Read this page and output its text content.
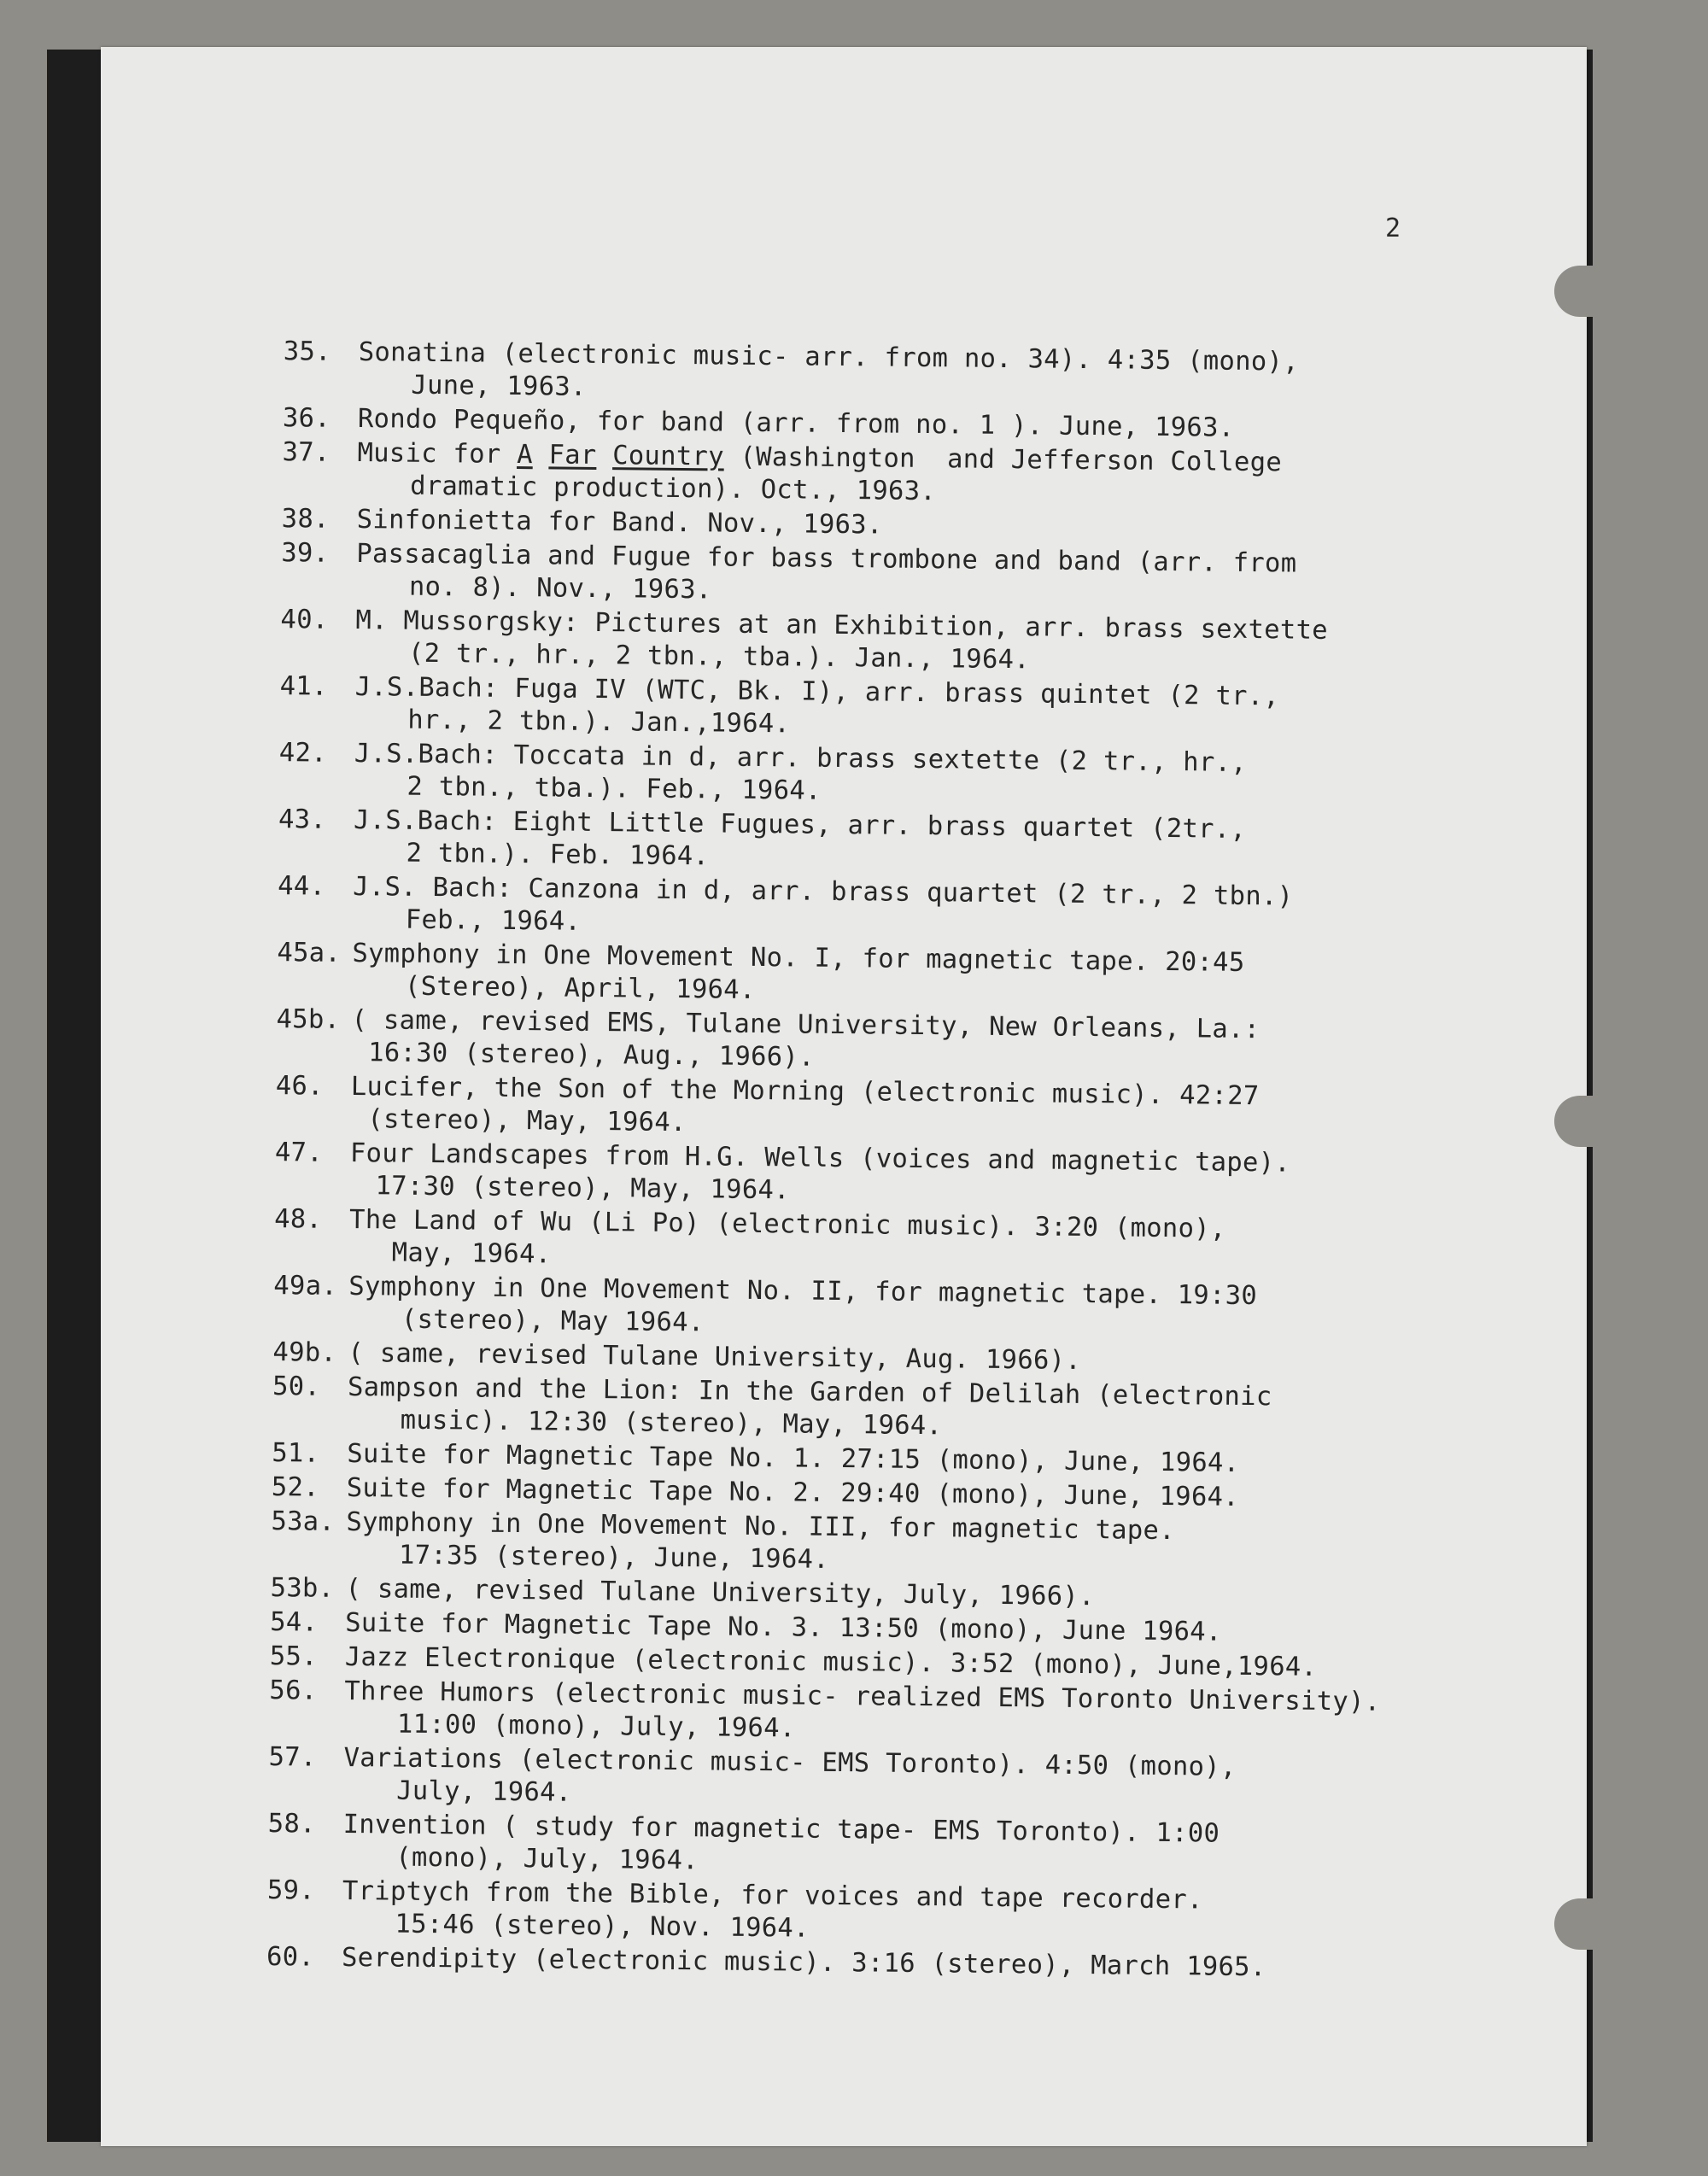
2
35. Sonatina (electronic music- arr. from no. 34). 4:35 (mono),
June, 1963.
36. Rondo Pequeño, for band (arr. from no. 1 ). June, 1963.
37. Music for A Far Country (Washington  and Jefferson College
dramatic production). Oct., 1963.
38. Sinfonietta for Band. Nov., 1963.
39. Passacaglia and Fugue for bass trombone and band (arr. from
no. 8). Nov., 1963.
40. M. Mussorgsky: Pictures at an Exhibition, arr. brass sextette
(2 tr., hr., 2 tbn., tba.). Jan., 1964.
41. J.S.Bach: Fuga IV (WTC, Bk. I), arr. brass quintet (2 tr.,
hr., 2 tbn.). Jan.,1964.
42. J.S.Bach: Toccata in d, arr. brass sextette (2 tr., hr.,
2 tbn., tba.). Feb., 1964.
43. J.S.Bach: Eight Little Fugues, arr. brass quartet (2tr.,
2 tbn.). Feb. 1964.
44. J.S. Bach: Canzona in d, arr. brass quartet (2 tr., 2 tbn.)
Feb., 1964.
45a. Symphony in One Movement No. I, for magnetic tape. 20:45
(Stereo), April, 1964.
45b. ( same, revised EMS, Tulane University, New Orleans, La.:
16:30 (stereo), Aug., 1966).
46. Lucifer, the Son of the Morning (electronic music). 42:27
(stereo), May, 1964.
47. Four Landscapes from H.G. Wells (voices and magnetic tape).
17:30 (stereo), May, 1964.
48. The Land of Wu (Li Po) (electronic music). 3:20 (mono),
May, 1964.
49a. Symphony in One Movement No. II, for magnetic tape. 19:30
(stereo), May 1964.
49b. ( same, revised Tulane University, Aug. 1966).
50. Sampson and the Lion: In the Garden of Delilah (electronic
music). 12:30 (stereo), May, 1964.
51. Suite for Magnetic Tape No. 1. 27:15 (mono), June, 1964.
52. Suite for Magnetic Tape No. 2. 29:40 (mono), June, 1964.
53a. Symphony in One Movement No. III, for magnetic tape.
17:35 (stereo), June, 1964.
53b. ( same, revised Tulane University, July, 1966).
54. Suite for Magnetic Tape No. 3. 13:50 (mono), June 1964.
55. Jazz Electronique (electronic music). 3:52 (mono), June,1964.
56. Three Humors (electronic music- realized EMS Toronto University).
11:00 (mono), July, 1964.
57. Variations (electronic music- EMS Toronto). 4:50 (mono),
July, 1964.
58. Invention ( study for magnetic tape- EMS Toronto). 1:00
(mono), July, 1964.
59. Triptych from the Bible, for voices and tape recorder.
15:46 (stereo), Nov. 1964.
60. Serendipity (electronic music). 3:16 (stereo), March 1965.
